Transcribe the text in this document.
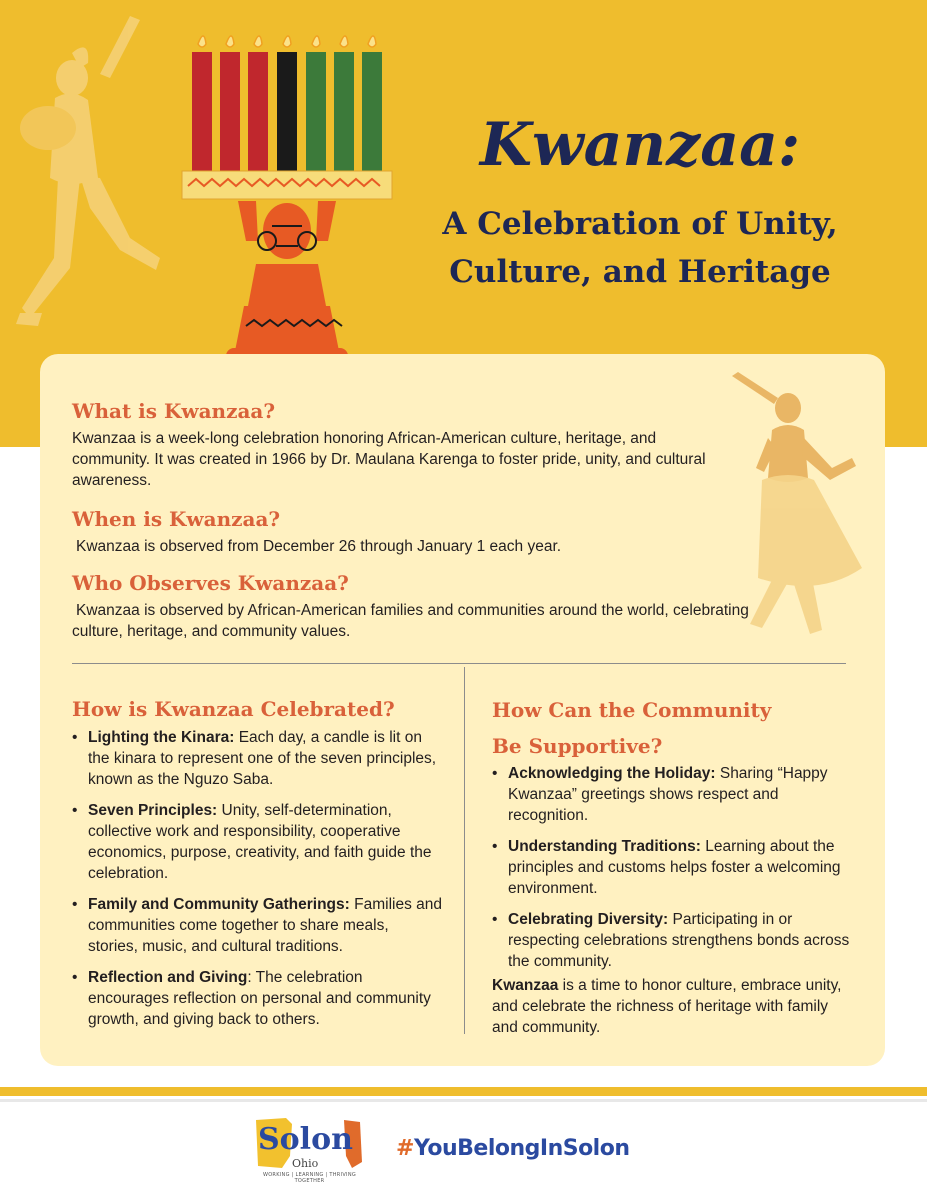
Kwanzaa:
A Celebration of Unity,
Culture, and Heritage
What is Kwanzaa?
Kwanzaa is a week-long celebration honoring African-American culture, heritage, and community. It was created in 1966 by Dr. Maulana Karenga to foster pride, unity, and cultural awareness.
When is Kwanzaa?
Kwanzaa is observed from December 26 through January 1 each year.
Who Observes Kwanzaa?
Kwanzaa is observed by African-American families and communities around the world, celebrating culture, heritage, and community values.
How is Kwanzaa Celebrated?
• Lighting the Kinara: Each day, a candle is lit on the kinara to represent one of the seven principles, known as the Nguzo Saba.
• Seven Principles: Unity, self-determination, collective work and responsibility, cooperative economics, purpose, creativity, and faith guide the celebration.
• Family and Community Gatherings: Families and communities come together to share meals, stories, music, and cultural traditions.
• Reflection and Giving: The celebration encourages reflection on personal and community growth, and giving back to others.
How Can the Community
Be Supportive?
• Acknowledging the Holiday: Sharing “Happy Kwanzaa” greetings shows respect and recognition.
• Understanding Traditions: Learning about the principles and customs helps foster a welcoming environment.
• Celebrating Diversity: Participating in or respecting celebrations strengthens bonds across the community.
Kwanzaa is a time to honor culture, embrace unity, and celebrate the richness of heritage with family and community.
Solon
Ohio
WORKING | LEARNING | THRIVING TOGETHER
#YouBelongInSolon
